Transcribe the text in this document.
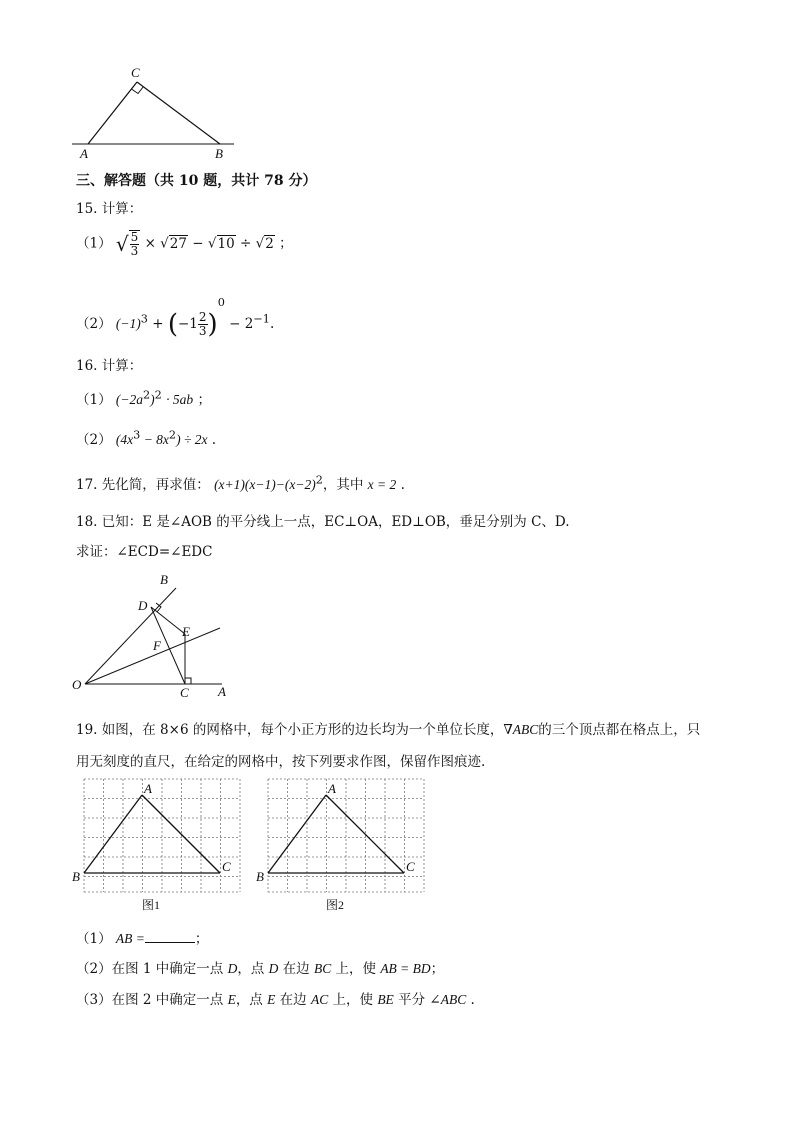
C
A	B
三、解答题（共 10 题，共计 78 分）
15. 计算：
（1） √ $\frac{5}{3} \times √27 - √10 \div √2$ ；
（2） $(-1)^3 + (-1 \frac{2}{3} )^0 - 2^{-1}$.
16. 计算：
（1） $(-2a^2)^2 \cdot 5ab$ ；
（2） $(4x^3 - 8x^2) \div 2x$ .
17. 先化简，再求值： $(x+1)(x-1)-(x-2)^2$，其中 x = 2 .
18. 已知：E 是∠AOB 的平分线上一点，EC⊥OA，ED⊥OB，垂足分别为 C、D.
求证：∠ECD=∠EDC
B
D
E
F
O
C A
19. 如图，在 8×6 的网格中，每个小正方形的边长均为一个单位长度，∇ABC的三个顶点都在格点上，只
用无刻度的直尺，在给定的网格中，按下列要求作图，保留作图痕迹.
A
B
C
图1
A
B
C
图2
（1） AB =	；
（2）在图 1 中确定一点 D，点 D 在边 BC 上，使 AB = BD；
（3）在图 2 中确定一点 E，点 E 在边 AC 上，使 BE 平分 ∠ABC .
